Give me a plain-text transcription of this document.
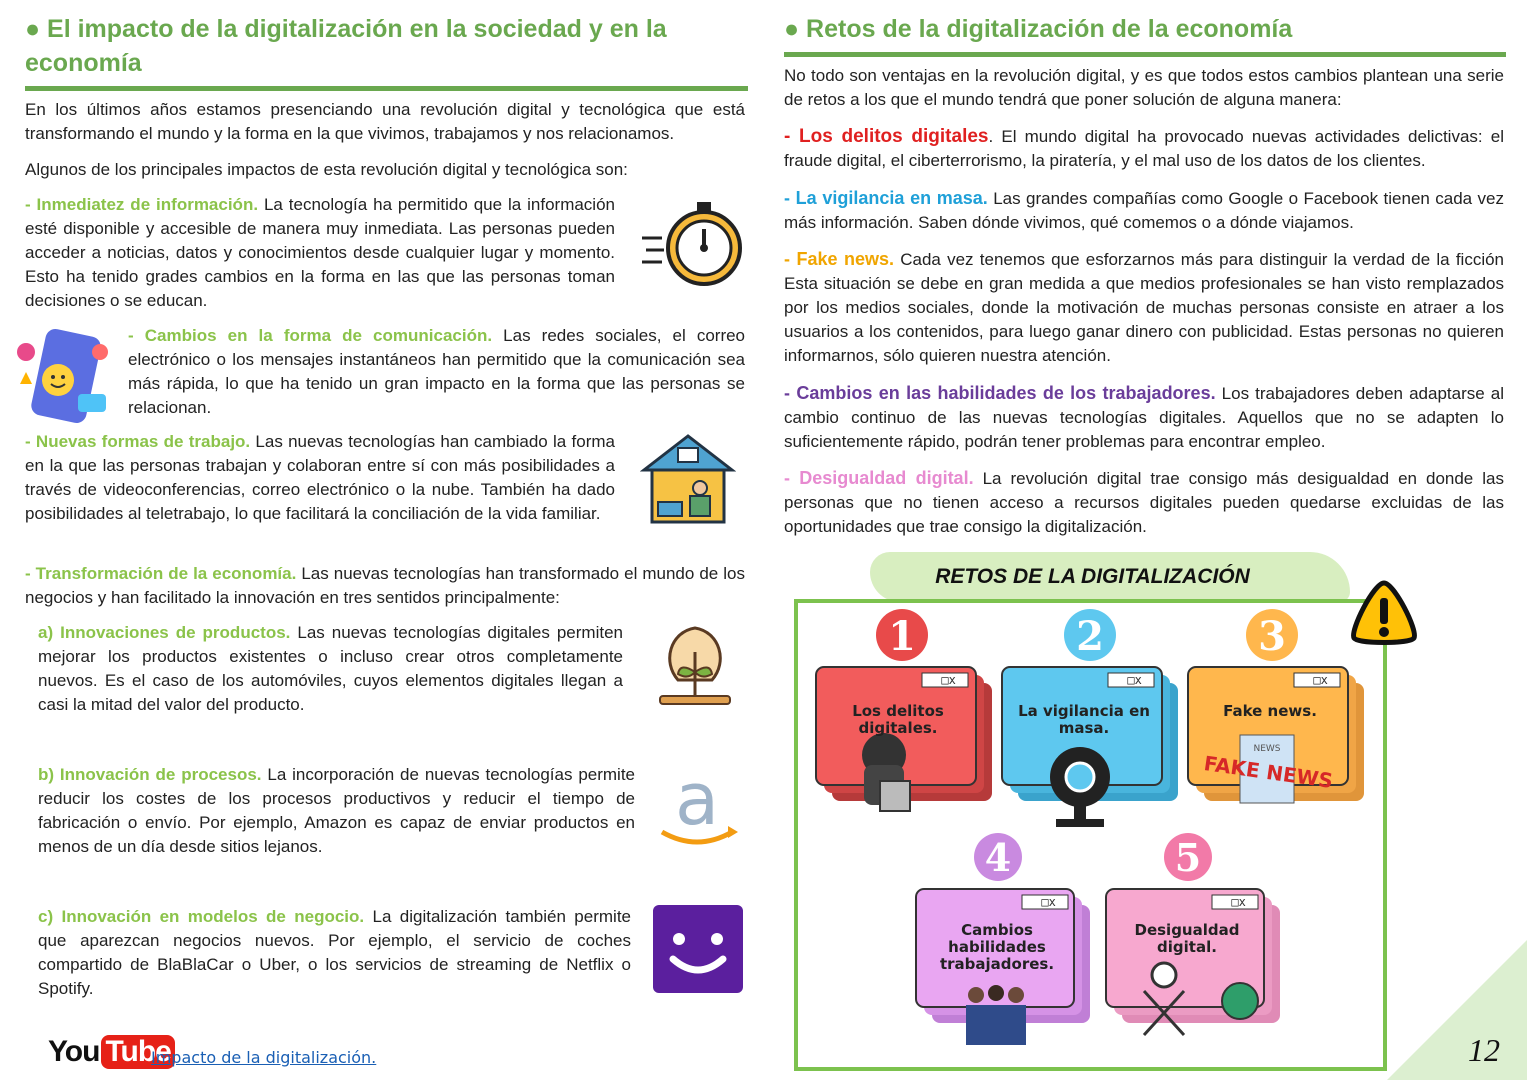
● El impacto de la digitalización en la sociedad y en la economía

En los últimos años estamos presenciando una revolución digital y tecnológica que está transformando el mundo y la forma en la que vivimos, trabajamos y nos relacionamos.

Algunos de los principales impactos de esta revolución digital y tecnológica son:

- Inmediatez de información. La tecnología ha permitido que la información esté disponible y accesible de manera muy inmediata. Las personas pueden acceder a noticias, datos y conocimientos desde cualquier lugar y momento. Esto ha tenido grades cambios en la forma en las que las personas toman decisiones o se educan.

- Cambios en la forma de comunicación. Las redes sociales, el correo electrónico o los mensajes instantáneos han permitido que la comunicación sea más rápida, lo que ha tenido un gran impacto en la forma que las personas se relacionan.

- Nuevas formas de trabajo. Las nuevas tecnologías han cambiado la forma en la que las personas trabajan y colaboran entre sí con más posibilidades a través de videoconferencias, correo electrónico o la nube. También ha dado posibilidades al teletrabajo, lo que facilitará la conciliación de la vida familiar.

- Transformación de la economía. Las nuevas tecnologías han transformado el mundo de los negocios y han facilitado la innovación en tres sentidos principalmente:

a) Innovaciones de productos. Las nuevas tecnologías digitales permiten mejorar los productos existentes o incluso crear otros completamente nuevos. Es el caso de los automóviles, cuyos elementos digitales llegan a casi la mitad del valor del producto.

b) Innovación de procesos. La incorporación de nuevas tecnologías permite reducir los costes de los procesos productivos y reducir el tiempo de fabricación o envío. Por ejemplo, Amazon es capaz de enviar productos en menos de un día desde sitios lejanos.

a

c) Innovación en modelos de negocio. La digitalización también permite que aparezcan negocios nuevos. Por ejemplo, el servicio de coches compartido de BlaBlaCar o Uber, o los servicios de streaming de Netflix o Spotify.

You Tube
Impacto de la digitalización.
● Retos de la digitalización de la economía

No todo son ventajas en la revolución digital, y es que todos estos cambios plantean una serie de retos a los que el mundo tendrá que poner solución de alguna manera:

- Los delitos digitales. El mundo digital ha provocado nuevas actividades delictivas: el fraude digital, el ciberterrorismo, la piratería, y el mal uso de los datos de los clientes.

- La vigilancia en masa. Las grandes compañías como Google o Facebook tienen cada vez más información. Saben dónde vivimos, qué comemos o a dónde viajamos.

- Fake news. Cada vez tenemos que esforzarnos más para distinguir la verdad de la ficción Esta situación se debe en gran medida a que medios profesionales se han visto remplazados por los medios sociales, donde la motivación de muchas personas consiste en atraer a los usuarios a los contenidos, para luego ganar dinero con publicidad. Estas personas no quieren informarnos, sólo quieren nuestra atención.

- Cambios en las habilidades de los trabajadores. Los trabajadores deben adaptarse al cambio continuo de las nuevas tecnologías digitales. Aquellos que no se adapten lo suficientemente rápido, podrán tener problemas para encontrar empleo.

- Desigualdad digital. La revolución digital trae consigo más desigualdad en donde las personas que no tienen acceso a recursos digitales pueden quedarse excluidas de las oportunidades que trae consigo la digitalización.

RETOS DE LA DIGITALIZACIÓN
1
_□x
2
_□x
3
_□x
NEWS
FAKE NEWS
4
_□x
5
_□x
Los delitos digitales.
La vigilancia en masa.
Fake news.
Cambios habilidades trabajadores.
Desigualdad digital.
12
